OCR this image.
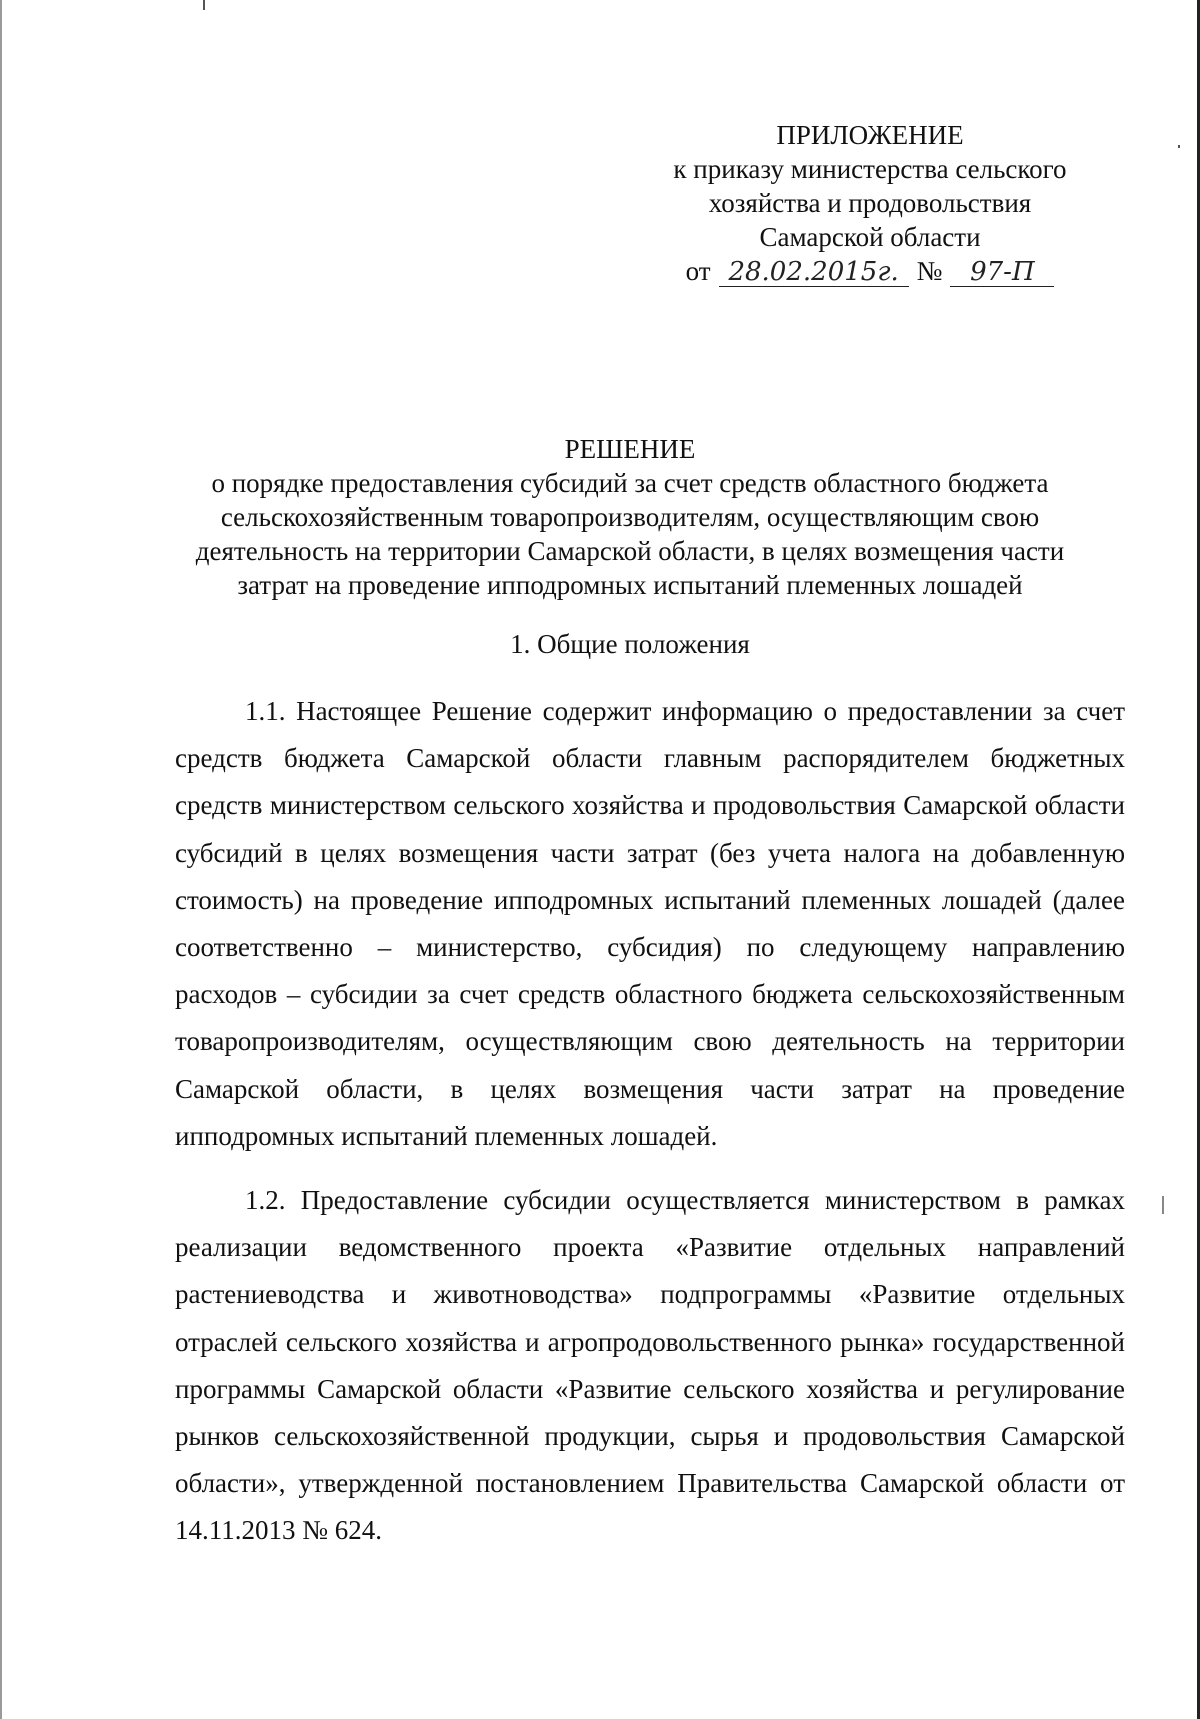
ПРИЛОЖЕНИЕ
к приказу министерства сельского
хозяйства и продовольствия
Самарской области
от 28.02.2015г. №	97-П
РЕШЕНИЕ
о порядке предоставления субсидий за счет средств областного бюджета
сельскохозяйственным товаропроизводителям, осуществляющим свою
деятельность на территории Самарской области, в целях возмещения части
затрат на проведение ипподромных испытаний племенных лошадей
1. Общие положения
1.1. Настоящее Решение содержит информацию о предоставлении за счет средств бюджета Самарской области главным распорядителем бюджетных средств министерством сельского хозяйства и продовольствия Самарской области субсидий в целях возмещения части затрат (без учета налога на добавленную стоимость) на проведение ипподромных испытаний племенных лошадей (далее соответственно – министерство, субсидия) по следующему направлению расходов – субсидии за счет средств областного бюджета сельскохозяйственным товаропроизводителям, осуществляющим свою деятельность на территории Самарской области, в целях возмещения части затрат на проведение ипподромных испытаний племенных лошадей.
1.2. Предоставление субсидии осуществляется министерством в рамках реализации ведомственного проекта «Развитие отдельных направлений растениеводства и животноводства» подпрограммы «Развитие отдельных отраслей сельского хозяйства и агропродовольственного рынка» государственной программы Самарской области «Развитие сельского хозяйства и регулирование рынков сельскохозяйственной продукции, сырья и продовольствия Самарской области», утвержденной постановлением Правительства Самарской области от 14.11.2013 № 624.
